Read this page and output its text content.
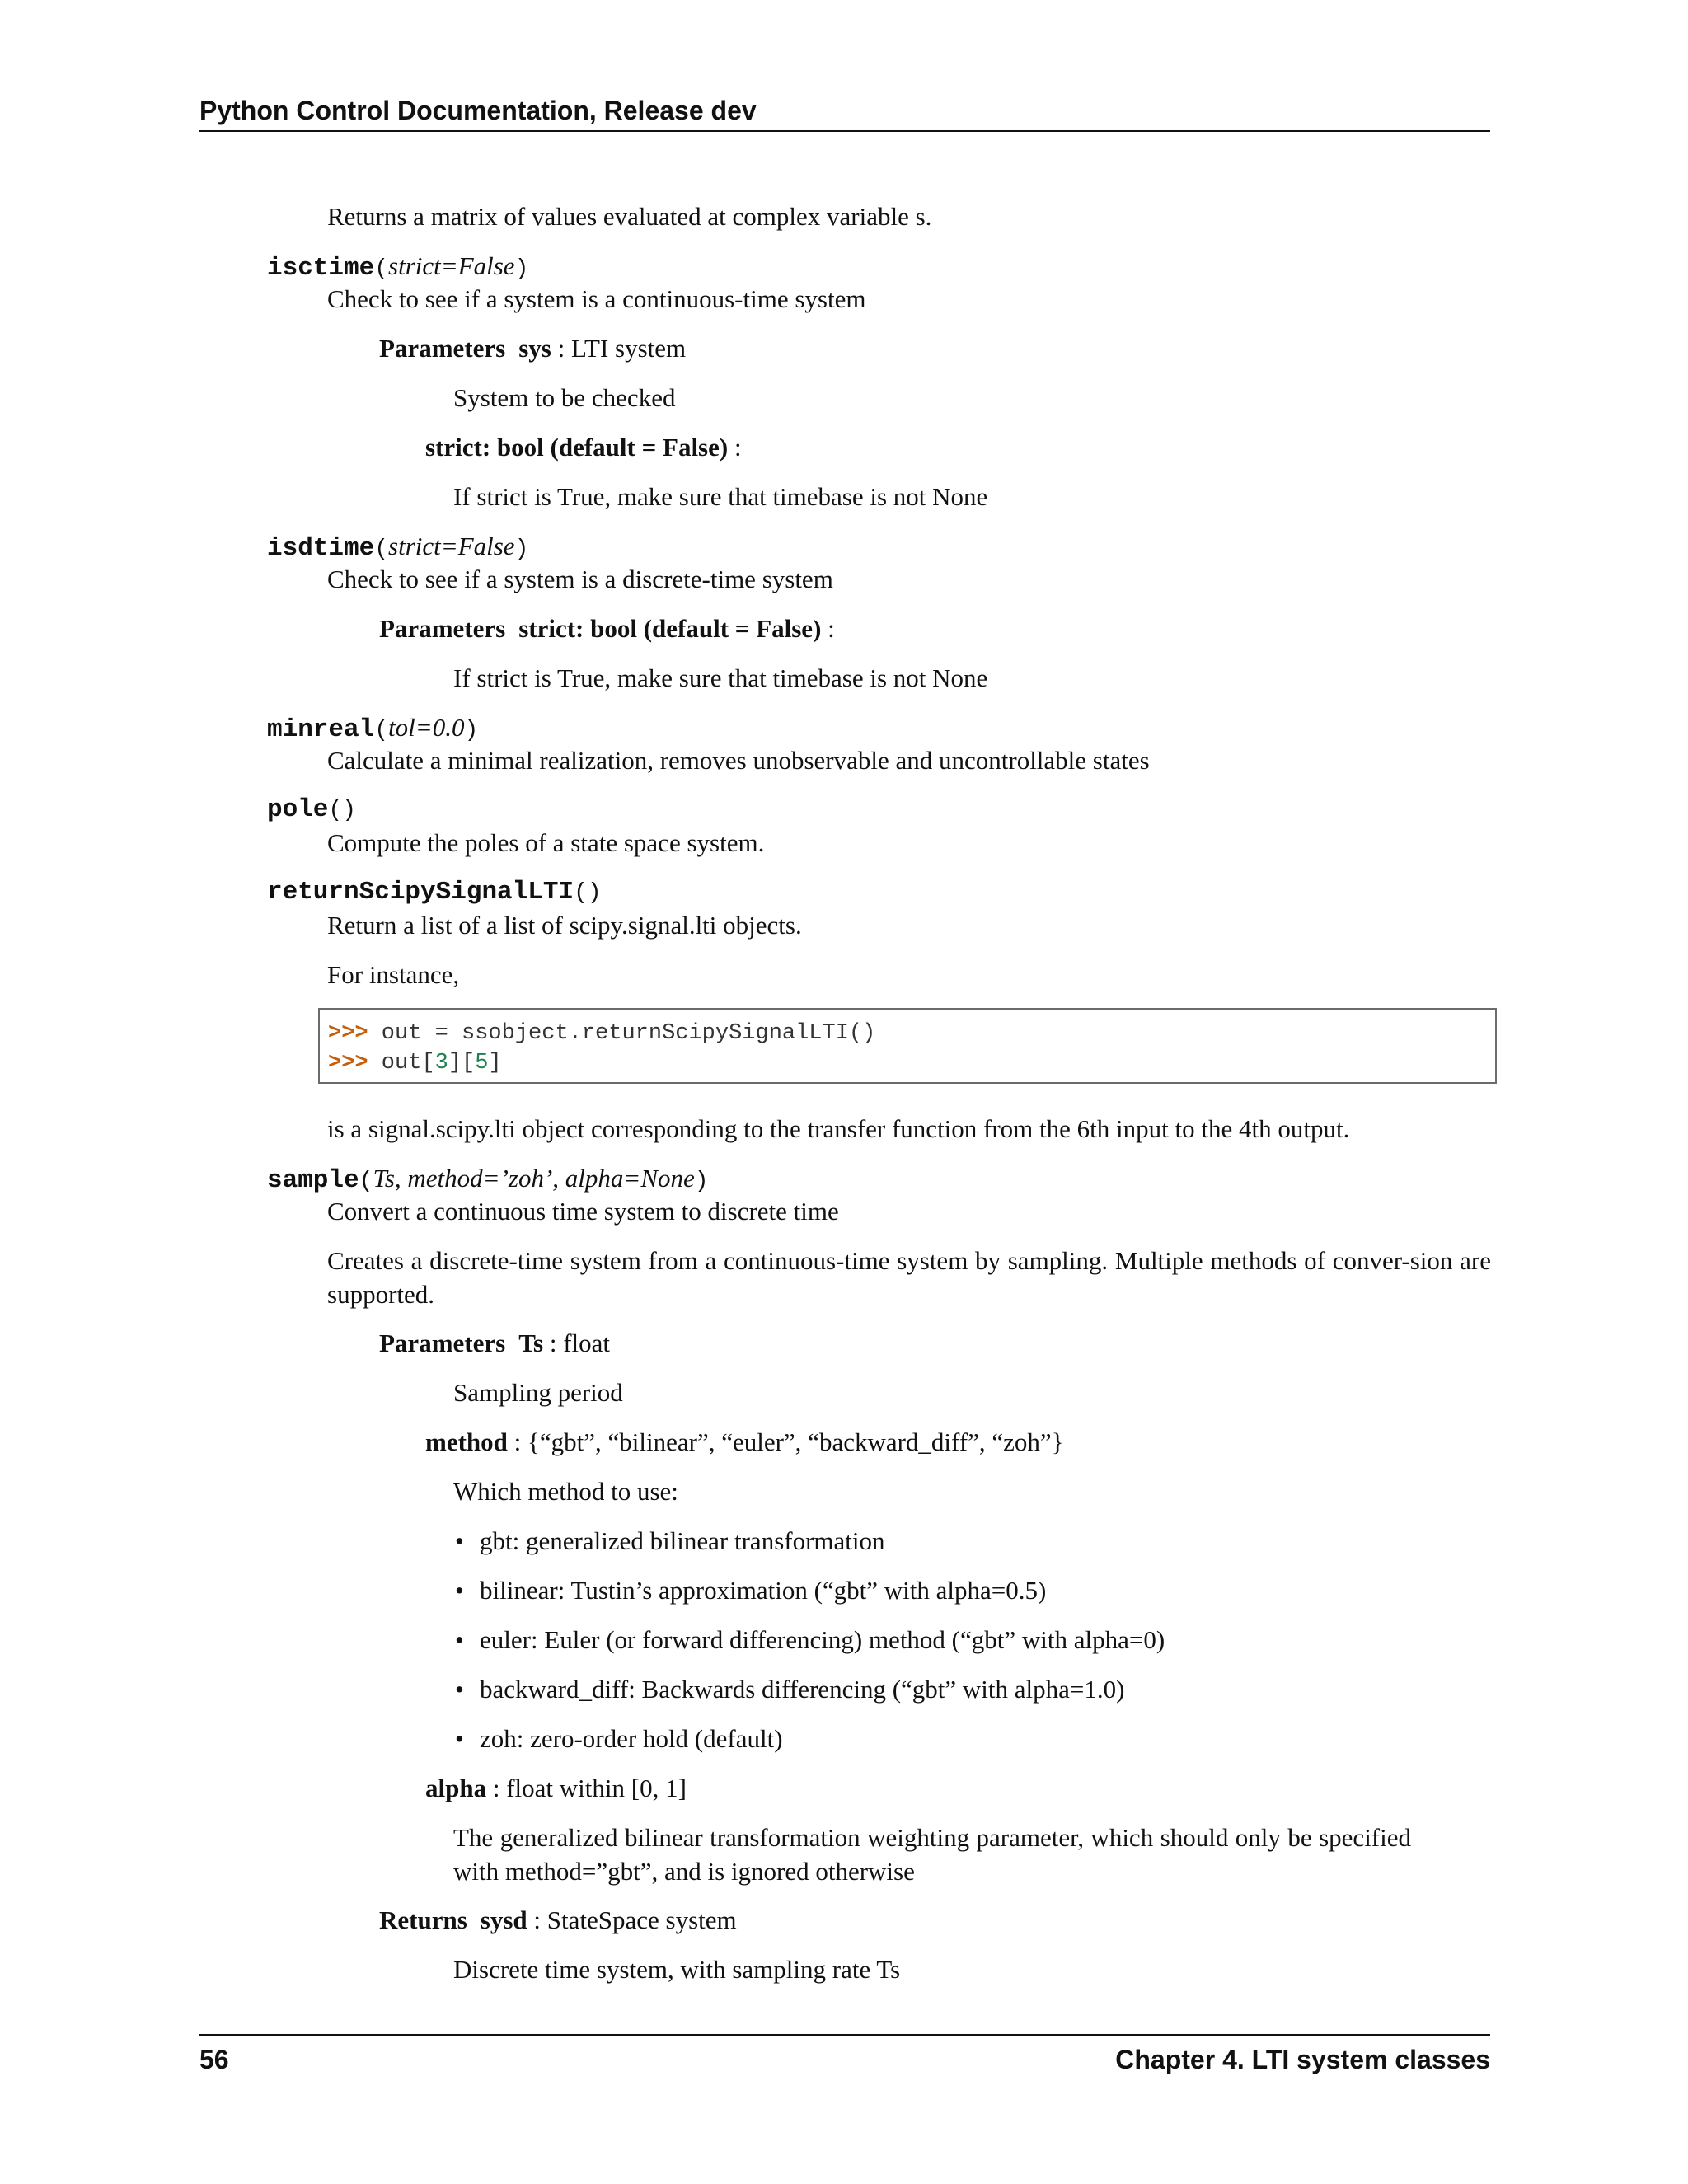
Python Control Documentation, Release dev
Returns a matrix of values evaluated at complex variable s.
isctime(strict=False)
Check to see if a system is a continuous-time system
Parameters sys : LTI system
System to be checked
strict: bool (default = False) :
If strict is True, make sure that timebase is not None
isdtime(strict=False)
Check to see if a system is a discrete-time system
Parameters strict: bool (default = False) :
If strict is True, make sure that timebase is not None
minreal(tol=0.0)
Calculate a minimal realization, removes unobservable and uncontrollable states
pole()
Compute the poles of a state space system.
returnScipySignalLTI()
Return a list of a list of scipy.signal.lti objects.
For instance,
>>> out = ssobject.returnScipySignalLTI()
>>> out[3][5]
is a signal.scipy.lti object corresponding to the transfer function from the 6th input to the 4th output.
sample(Ts, method=’zoh’, alpha=None)
Convert a continuous time system to discrete time
Creates a discrete-time system from a continuous-time system by sampling. Multiple methods of conver-sion are supported.
Parameters Ts : float
Sampling period
method : {“gbt”, “bilinear”, “euler”, “backward_diff”, “zoh”}
Which method to use:
• gbt: generalized bilinear transformation
• bilinear: Tustin’s approximation (“gbt” with alpha=0.5)
• euler: Euler (or forward differencing) method (“gbt” with alpha=0)
• backward_diff: Backwards differencing (“gbt” with alpha=1.0)
• zoh: zero-order hold (default)
alpha : float within [0, 1]
The generalized bilinear transformation weighting parameter, which should only be specified with method=”gbt”, and is ignored otherwise
Returns sysd : StateSpace system
Discrete time system, with sampling rate Ts
56	Chapter 4. LTI system classes
